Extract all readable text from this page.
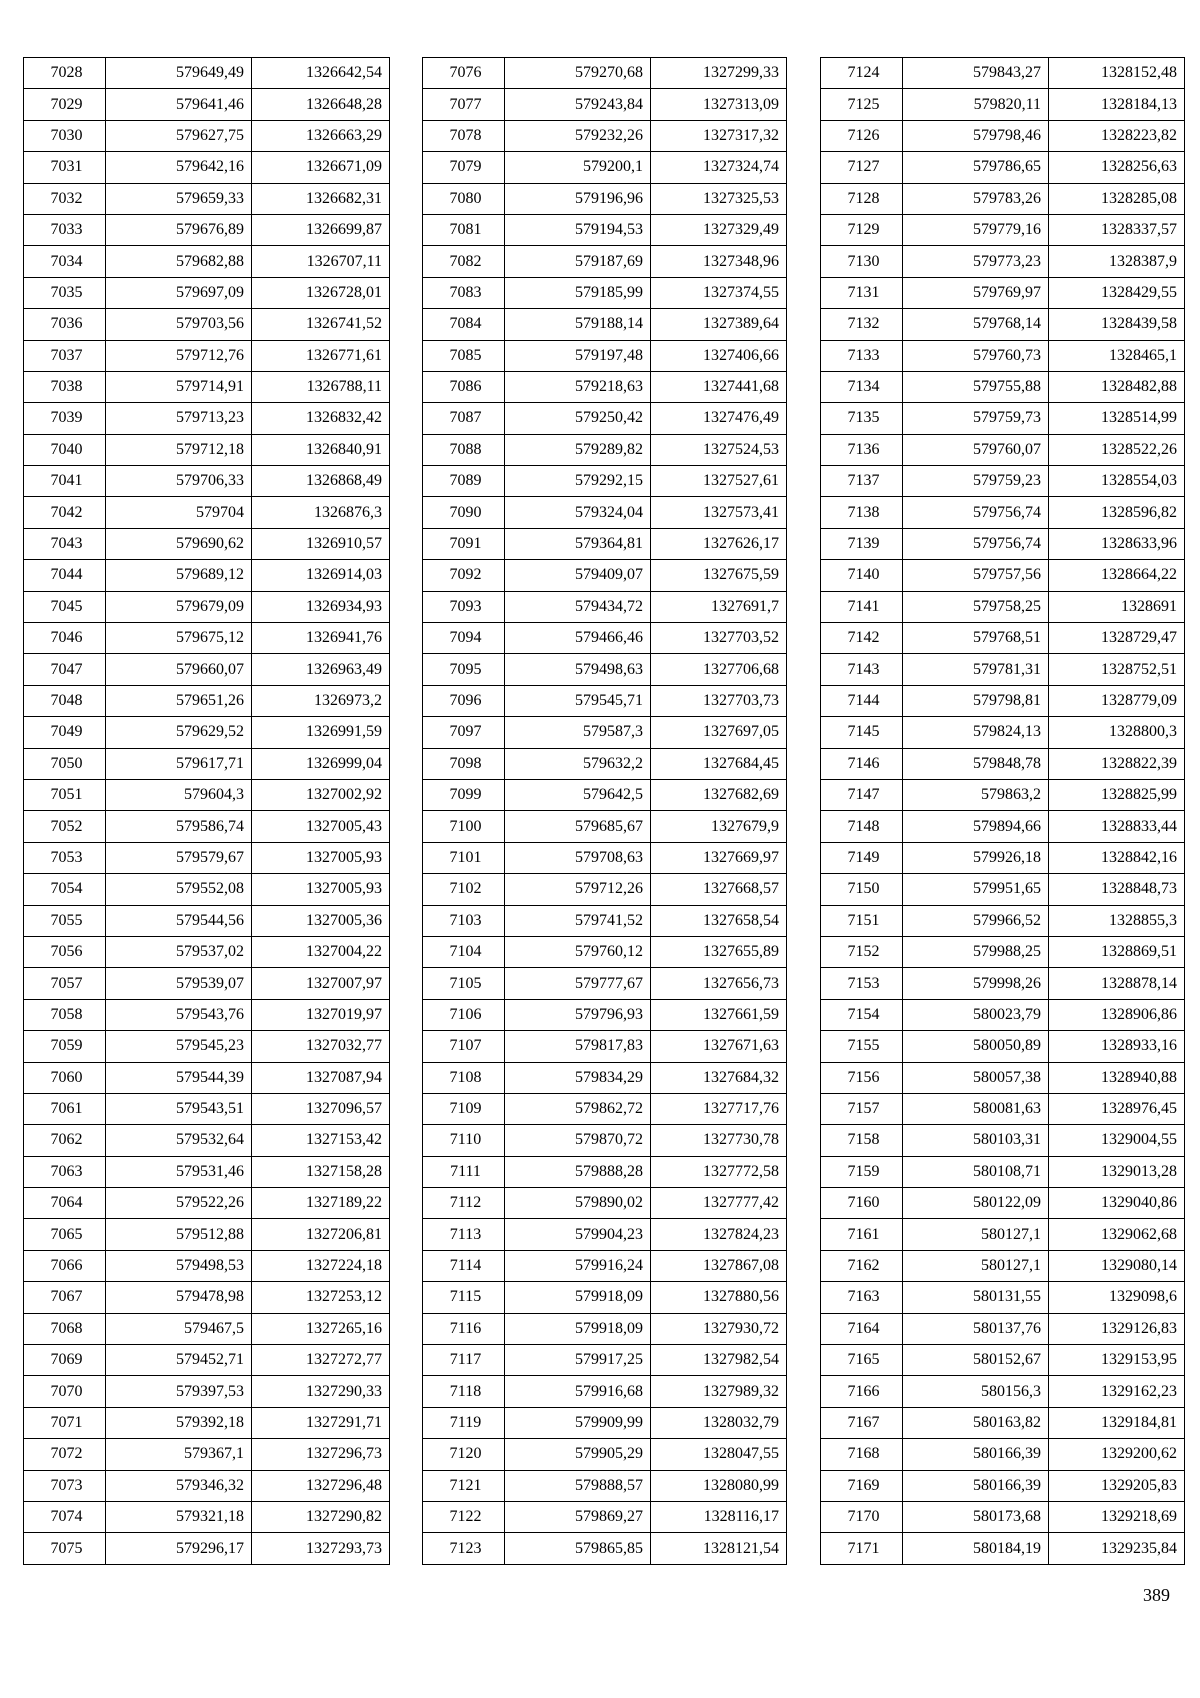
7028	579649,49	1326642,54
7029	579641,46	1326648,28
7030	579627,75	1326663,29
7031	579642,16	1326671,09
7032	579659,33	1326682,31
7033	579676,89	1326699,87
7034	579682,88	1326707,11
7035	579697,09	1326728,01
7036	579703,56	1326741,52
7037	579712,76	1326771,61
7038	579714,91	1326788,11
7039	579713,23	1326832,42
7040	579712,18	1326840,91
7041	579706,33	1326868,49
7042	579704	1326876,3
7043	579690,62	1326910,57
7044	579689,12	1326914,03
7045	579679,09	1326934,93
7046	579675,12	1326941,76
7047	579660,07	1326963,49
7048	579651,26	1326973,2
7049	579629,52	1326991,59
7050	579617,71	1326999,04
7051	579604,3	1327002,92
7052	579586,74	1327005,43
7053	579579,67	1327005,93
7054	579552,08	1327005,93
7055	579544,56	1327005,36
7056	579537,02	1327004,22
7057	579539,07	1327007,97
7058	579543,76	1327019,97
7059	579545,23	1327032,77
7060	579544,39	1327087,94
7061	579543,51	1327096,57
7062	579532,64	1327153,42
7063	579531,46	1327158,28
7064	579522,26	1327189,22
7065	579512,88	1327206,81
7066	579498,53	1327224,18
7067	579478,98	1327253,12
7068	579467,5	1327265,16
7069	579452,71	1327272,77
7070	579397,53	1327290,33
7071	579392,18	1327291,71
7072	579367,1	1327296,73
7073	579346,32	1327296,48
7074	579321,18	1327290,82
7075	579296,17	1327293,73
7076	579270,68	1327299,33
7077	579243,84	1327313,09
7078	579232,26	1327317,32
7079	579200,1	1327324,74
7080	579196,96	1327325,53
7081	579194,53	1327329,49
7082	579187,69	1327348,96
7083	579185,99	1327374,55
7084	579188,14	1327389,64
7085	579197,48	1327406,66
7086	579218,63	1327441,68
7087	579250,42	1327476,49
7088	579289,82	1327524,53
7089	579292,15	1327527,61
7090	579324,04	1327573,41
7091	579364,81	1327626,17
7092	579409,07	1327675,59
7093	579434,72	1327691,7
7094	579466,46	1327703,52
7095	579498,63	1327706,68
7096	579545,71	1327703,73
7097	579587,3	1327697,05
7098	579632,2	1327684,45
7099	579642,5	1327682,69
7100	579685,67	1327679,9
7101	579708,63	1327669,97
7102	579712,26	1327668,57
7103	579741,52	1327658,54
7104	579760,12	1327655,89
7105	579777,67	1327656,73
7106	579796,93	1327661,59
7107	579817,83	1327671,63
7108	579834,29	1327684,32
7109	579862,72	1327717,76
7110	579870,72	1327730,78
7111	579888,28	1327772,58
7112	579890,02	1327777,42
7113	579904,23	1327824,23
7114	579916,24	1327867,08
7115	579918,09	1327880,56
7116	579918,09	1327930,72
7117	579917,25	1327982,54
7118	579916,68	1327989,32
7119	579909,99	1328032,79
7120	579905,29	1328047,55
7121	579888,57	1328080,99
7122	579869,27	1328116,17
7123	579865,85	1328121,54
7124	579843,27	1328152,48
7125	579820,11	1328184,13
7126	579798,46	1328223,82
7127	579786,65	1328256,63
7128	579783,26	1328285,08
7129	579779,16	1328337,57
7130	579773,23	1328387,9
7131	579769,97	1328429,55
7132	579768,14	1328439,58
7133	579760,73	1328465,1
7134	579755,88	1328482,88
7135	579759,73	1328514,99
7136	579760,07	1328522,26
7137	579759,23	1328554,03
7138	579756,74	1328596,82
7139	579756,74	1328633,96
7140	579757,56	1328664,22
7141	579758,25	1328691
7142	579768,51	1328729,47
7143	579781,31	1328752,51
7144	579798,81	1328779,09
7145	579824,13	1328800,3
7146	579848,78	1328822,39
7147	579863,2	1328825,99
7148	579894,66	1328833,44
7149	579926,18	1328842,16
7150	579951,65	1328848,73
7151	579966,52	1328855,3
7152	579988,25	1328869,51
7153	579998,26	1328878,14
7154	580023,79	1328906,86
7155	580050,89	1328933,16
7156	580057,38	1328940,88
7157	580081,63	1328976,45
7158	580103,31	1329004,55
7159	580108,71	1329013,28
7160	580122,09	1329040,86
7161	580127,1	1329062,68
7162	580127,1	1329080,14
7163	580131,55	1329098,6
7164	580137,76	1329126,83
7165	580152,67	1329153,95
7166	580156,3	1329162,23
7167	580163,82	1329184,81
7168	580166,39	1329200,62
7169	580166,39	1329205,83
7170	580173,68	1329218,69
7171	580184,19	1329235,84
389
